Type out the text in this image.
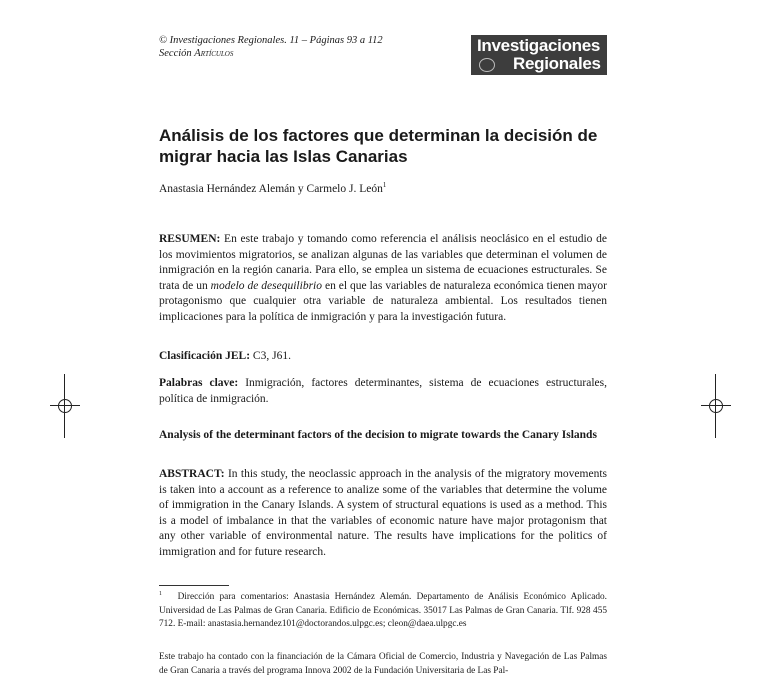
© Investigaciones Regionales. 11 – Páginas 93 a 112
Sección Artículos	Investigaciones
Regionales
Análisis de los factores que determinan la decisión de migrar hacia las Islas Canarias
Anastasia Hernández Alemán y Carmelo J. León$^1$
RESUMEN: En este trabajo y tomando como referencia el análisis neoclásico en el estudio de los movimientos migratorios, se analizan algunas de las variables que determinan el volumen de inmigración en la región canaria. Para ello, se emplea un sistema de ecuaciones estructurales. Se trata de un modelo de desequilibrio en el que las variables de naturaleza económica tienen mayor protagonismo que cualquier otra variable de naturaleza ambiental. Los resultados tienen implicaciones para la política de inmigración y para la investigación futura.
Clasificación JEL: C3, J61.
Palabras clave: Inmigración, factores determinantes, sistema de ecuaciones estructurales, política de inmigración.
Analysis of the determinant factors of the decision to migrate towards the Canary Islands
ABSTRACT: In this study, the neoclassic approach in the analysis of the migratory movements is taken into a account as a reference to analize some of the variables that determine the volume of immigration in the Canary Islands. A system of structural equations is used as a method. This is a model of imbalance in that the variables of economic nature have major protagonism that any other variable of environmental nature. The results have implications for the politics of immigration and for future research.
$^1$ Dirección para comentarios: Anastasia Hernández Alemán. Departamento de Análisis Económico Aplicado. Universidad de Las Palmas de Gran Canaria. Edificio de Económicas. 35017 Las Palmas de Gran Canaria. Tlf. 928 455 712. E-mail: anastasia.hernandez101@doctorandos.ulpgc.es; cleon@daea.ulpgc.es
Este trabajo ha contado con la financiación de la Cámara Oficial de Comercio, Industria y Navegación de Las Palmas de Gran Canaria a través del programa Innova 2002 de la Fundación Universitaria de Las Pal-
